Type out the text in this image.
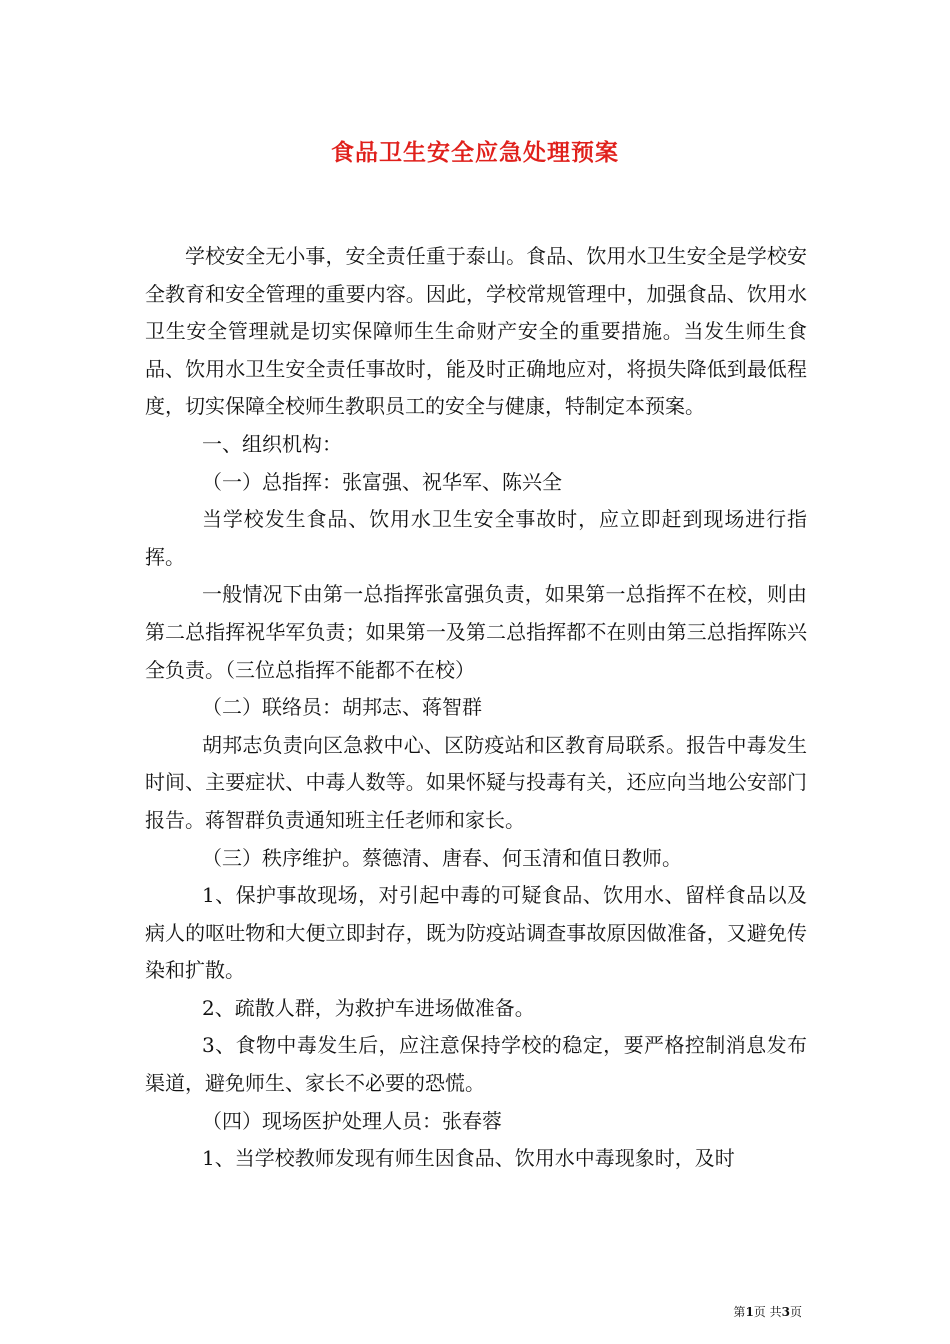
食品卫生安全应急处理预案

学校安全无小事，安全责任重于泰山。食品、饮用水卫生安全是学校安全教育和安全管理的重要内容。因此，学校常规管理中，加强食品、饮用水卫生安全管理就是切实保障师生生命财产安全的重要措施。当发生师生食品、饮用水卫生安全责任事故时，能及时正确地应对，将损失降低到最低程度，切实保障全校师生教职员工的安全与健康，特制定本预案。

一、组织机构：

（一）总指挥：张富强、祝华军、陈兴全

当学校发生食品、饮用水卫生安全事故时，应立即赶到现场进行指挥。

一般情况下由第一总指挥张富强负责，如果第一总指挥不在校，则由第二总指挥祝华军负责；如果第一及第二总指挥都不在则由第三总指挥陈兴全负责。（三位总指挥不能都不在校）

（二）联络员：胡邦志、蒋智群

胡邦志负责向区急救中心、区防疫站和区教育局联系。报告中毒发生时间、主要症状、中毒人数等。如果怀疑与投毒有关，还应向当地公安部门报告。蒋智群负责通知班主任老师和家长。

（三）秩序维护。蔡德清、唐春、何玉清和值日教师。

1、保护事故现场，对引起中毒的可疑食品、饮用水、留样食品以及病人的呕吐物和大便立即封存，既为防疫站调查事故原因做准备，又避免传染和扩散。

2、疏散人群，为救护车进场做准备。

3、食物中毒发生后，应注意保持学校的稳定，要严格控制消息发布渠道，避免师生、家长不必要的恐慌。

（四）现场医护处理人员：张春蓉

1、当学校教师发现有师生因食品、饮用水中毒现象时，及时

第1页 共3页
